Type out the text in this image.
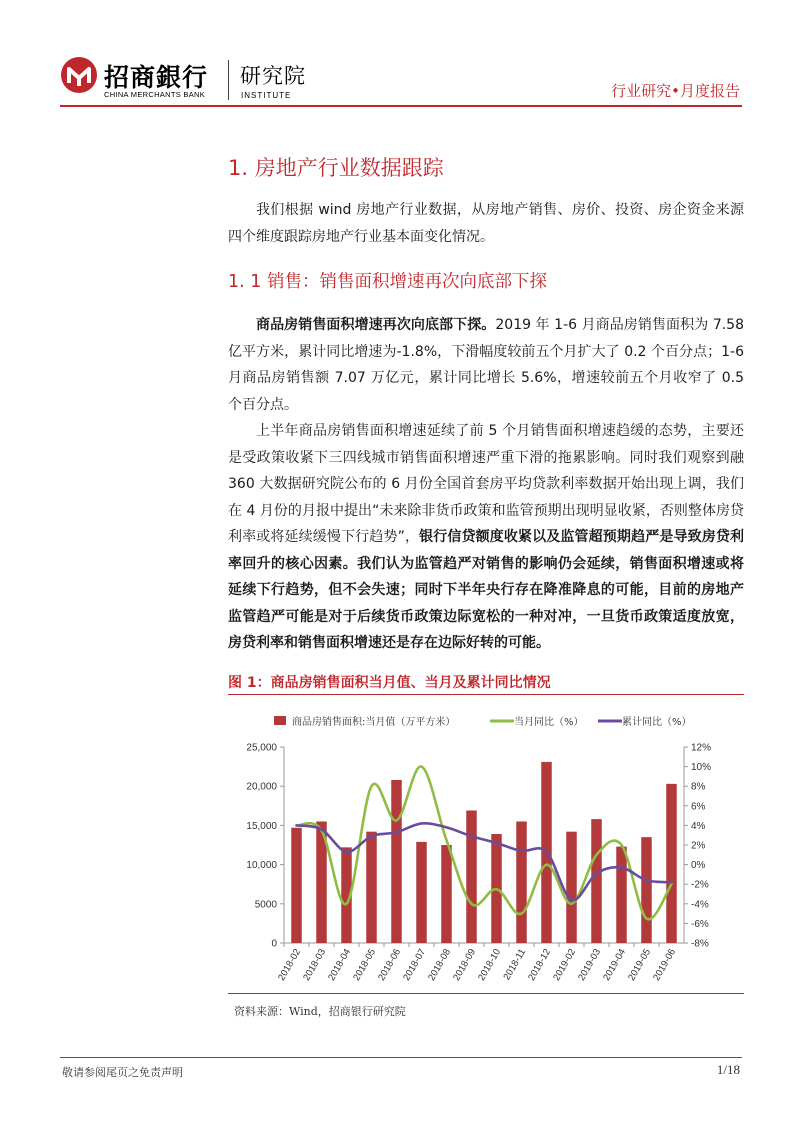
招商銀行
CHINA MERCHANTS BANK
研究院
INSTITUTE	行业研究•月度报告
1. 房地产行业数据跟踪

我们根据 wind 房地产行业数据，从房地产销售、房价、投资、房企资金来源四个维度跟踪房地产行业基本面变化情况。

1. 1 销售：销售面积增速再次向底部下探

商品房销售面积增速再次向底部下探。2019 年 1-6 月商品房销售面积为 7.58 亿平方米，累计同比增速为-1.8%，下滑幅度较前五个月扩大了 0.2 个百分点；1-6 月商品房销售额 7.07 万亿元，累计同比增长 5.6%，增速较前五个月收窄了 0.5 个百分点。

上半年商品房销售面积增速延续了前 5 个月销售面积增速趋缓的态势，主要还是受政策收紧下三四线城市销售面积增速严重下滑的拖累影响。同时我们观察到融 360 大数据研究院公布的 6 月份全国首套房平均贷款利率数据开始出现上调，我们在 4 月份的月报中提出“未来除非货币政策和监管预期出现明显收紧，否则整体房贷利率或将延续缓慢下行趋势”，银行信贷额度收紧以及监管超预期趋严是导致房贷利率回升的核心因素。我们认为监管趋严对销售的影响仍会延续，销售面积增速或将延续下行趋势，但不会失速；同时下半年央行存在降准降息的可能，目前的房地产监管趋严可能是对于后续货币政策边际宽松的一种对冲，一旦货币政策适度放宽，房贷利率和销售面积增速还是存在边际好转的可能。

图 1：商品房销售面积当月值、当月及累计同比情况
商品房销售面积:当月值（万平方米）	当月同比（%）	累计同比（%）
0
5000
10,000
15,000
20,000
25,000
-8%
-6%
-4%
-2%
0%
2%
4%
6%
8%
10%
12%
2018-02
2018-03
2018-04
2018-05
2018-06
2018-07
2018-08
2018-09
2018-10
2018-11
2018-12
2019-02
2019-03
2019-04
2019-05
2019-06
资料来源：Wind，招商银行研究院
敬请参阅尾页之免责声明	1/18
